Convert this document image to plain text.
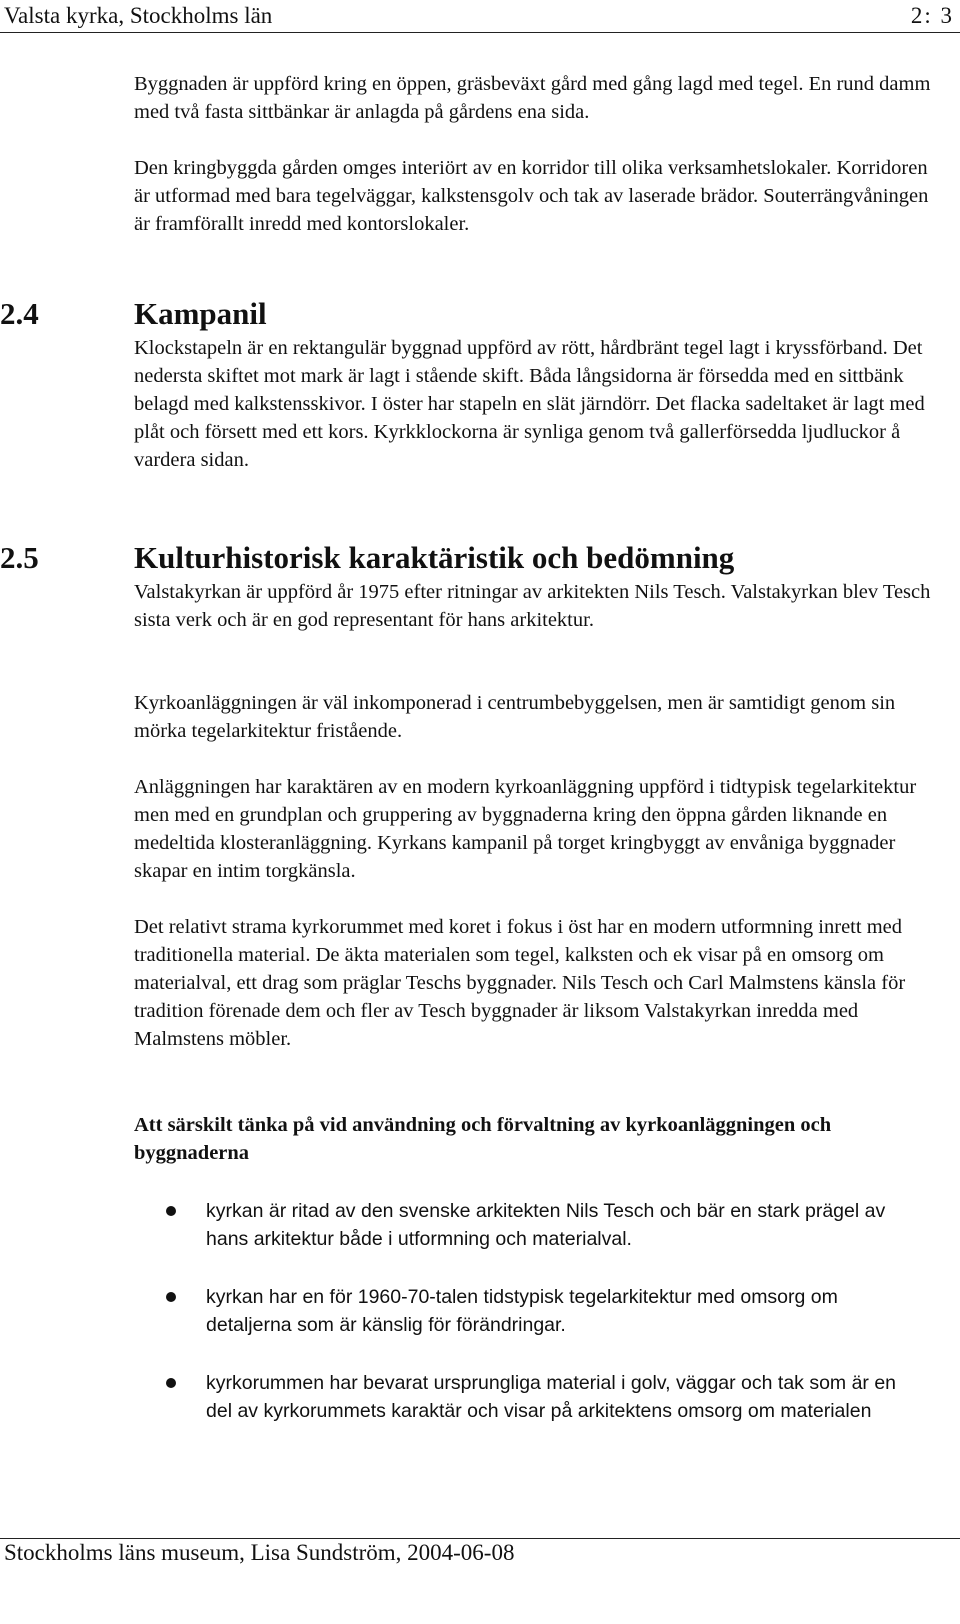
Valsta kyrka, Stockholms län	2: 3

Byggnaden är uppförd kring en öppen, gräsbeväxt gård med gång lagd med tegel. En rund damm med två fasta sittbänkar är anlagda på gårdens ena sida.

Den kringbyggda gården omges interiört av en korridor till olika verksamhetslokaler. Korridoren är utformad med bara tegelväggar, kalkstensgolv och tak av laserade brädor. Souterrängvåningen är framförallt inredd med kontorslokaler.

2.4	Kampanil

Klockstapeln är en rektangulär byggnad uppförd av rött, hårdbränt tegel lagt i kryssförband. Det nedersta skiftet mot mark är lagt i stående skift. Båda långsidorna är försedda med en sittbänk belagd med kalkstensskivor. I öster har stapeln en slät järndörr. Det flacka sadeltaket är lagt med plåt och försett med ett kors. Kyrkklockorna är synliga genom två gallerförsedda ljudluckor å vardera sidan.

2.5	Kulturhistorisk karaktäristik och bedömning

Valstakyrkan är uppförd år 1975 efter ritningar av arkitekten Nils Tesch. Valstakyrkan blev Tesch sista verk och är en god representant för hans arkitektur.

Kyrkoanläggningen är väl inkomponerad i centrumbebyggelsen, men är samtidigt genom sin mörka tegelarkitektur fristående.

Anläggningen har karaktären av en modern kyrkoanläggning uppförd i tidtypisk tegelarkitektur men med en grundplan och gruppering av byggnaderna kring den öppna gården liknande en medeltida klosteranläggning. Kyrkans kampanil på torget kringbyggt av envåniga byggnader skapar en intim torgkänsla.

Det relativt strama kyrkorummet med koret i fokus i öst har en modern utformning inrett med traditionella material. De äkta materialen som tegel, kalksten och ek visar på en omsorg om materialval, ett drag som präglar Teschs byggnader. Nils Tesch och Carl Malmstens känsla för tradition förenade dem och fler av Tesch byggnader är liksom Valstakyrkan inredda med Malmstens möbler.

Att särskilt tänka på vid användning och förvaltning av kyrkoanläggningen och byggnaderna
kyrkan är ritad av den svenske arkitekten Nils Tesch och bär en stark prägel av hans arkitektur både i utformning och materialval.
kyrkan har en för 1960-70-talen tidstypisk tegelarkitektur med omsorg om detaljerna som är känslig för förändringar.
kyrkorummen har bevarat ursprungliga material i golv, väggar och tak som är en del av kyrkorummets karaktär och visar på arkitektens omsorg om materialen
Stockholms läns museum, Lisa Sundström, 2004-06-08
